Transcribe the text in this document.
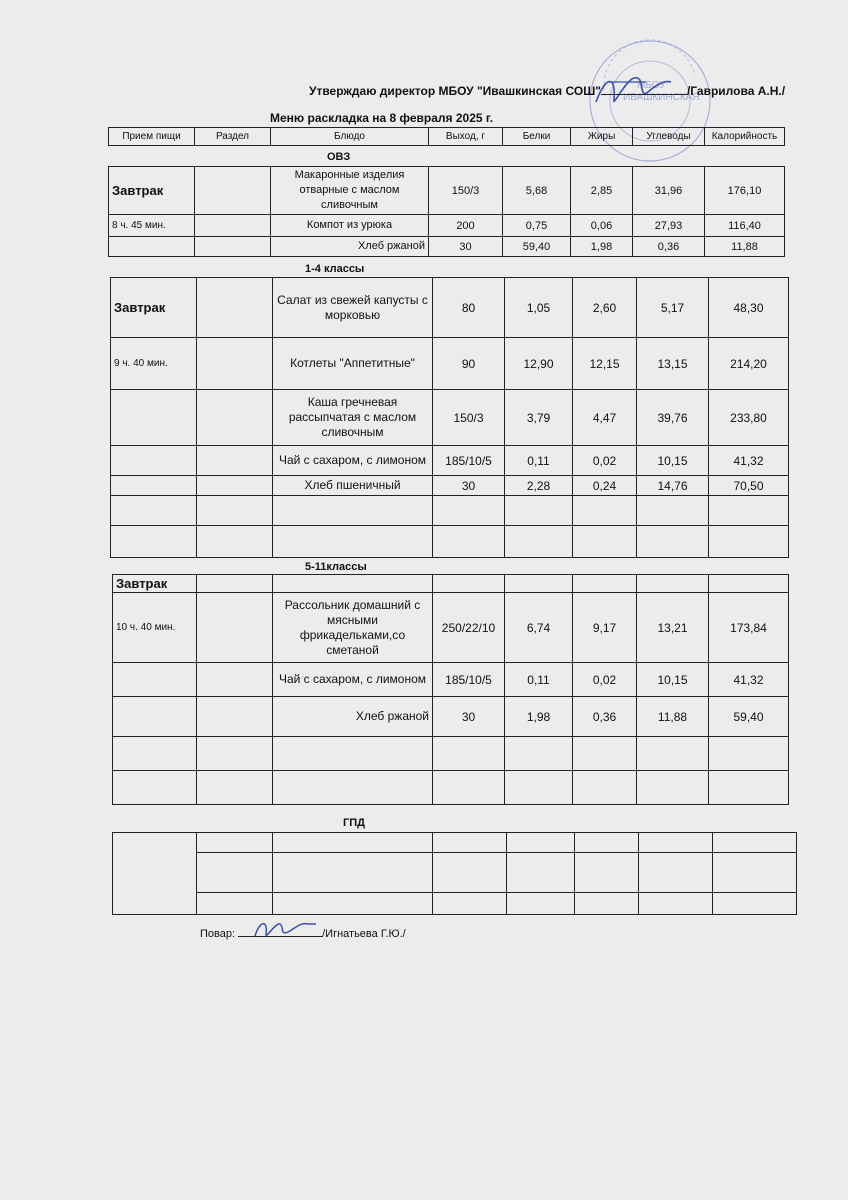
МБОУ
ИВАШКИНСКАЯ
Утверждаю директор МБОУ "Ивашкинская СОШ"	/Гаврилова А.Н./
Меню раскладка на 8 февраля 2025 г.
Прием пищи	Раздел	Блюдо	Выход, г	Белки	Жиры	Углеводы	Калорийность
ОВЗ
Завтрак		Макаронные изделия отварные с маслом сливочным	150/3	5,68	2,85	31,96	176,10
8 ч. 45 мин.		Компот из урюка	200	0,75	0,06	27,93	116,40
		Хлеб ржаной	30	59,40	1,98	0,36	11,88
1-4 классы
Завтрак		Салат из свежей капусты с морковью	80	1,05	2,60	5,17	48,30
9 ч. 40 мин.		Котлеты "Аппетитные"	90	12,90	12,15	13,15	214,20
		Каша гречневая рассыпчатая с маслом сливочным	150/3	3,79	4,47	39,76	233,80
		Чай с сахаром, с лимоном	185/10/5	0,11	0,02	10,15	41,32
		Хлеб пшеничный	30	2,28	0,24	14,76	70,50

5-11классы
Завтрак							
10 ч. 40 мин.		Рассольник домашний с мясными фрикадельками,со сметаной	250/22/10	6,74	9,17	13,21	173,84
		Чай с сахаром, с лимоном	185/10/5	0,11	0,02	10,15	41,32
		Хлеб ржаной	30	1,98	0,36	11,88	59,40

ГПД

Повар:	/Игнатьева Г.Ю./
